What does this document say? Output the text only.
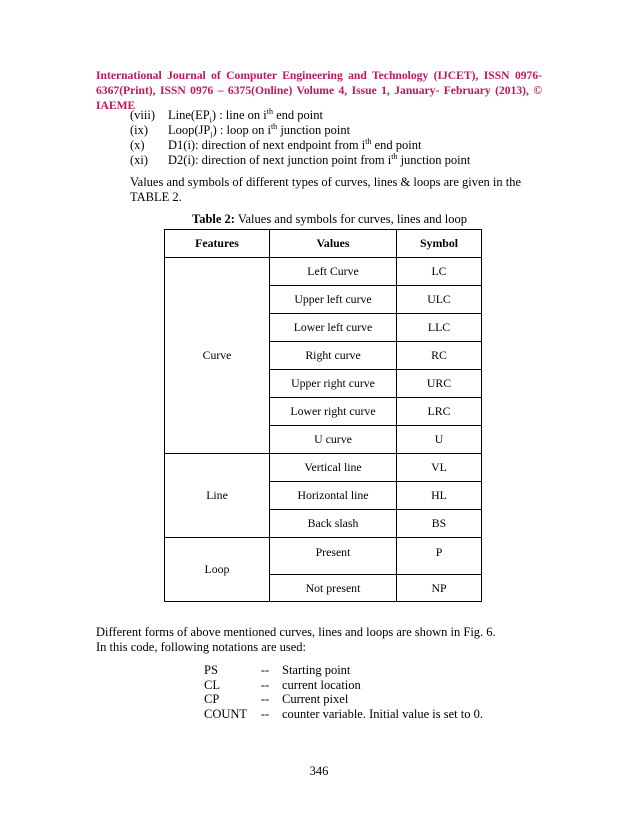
International Journal of Computer Engineering and Technology (IJCET), ISSN 0976-6367(Print), ISSN 0976 – 6375(Online) Volume 4, Issue 1, January- February (2013), © IAEME
(viii)	$Line(EP_i)$ : line on $i^{th}$ end point
(ix)	$Loop(JP_i)$ : loop on $i^{th}$ junction point
(x)	D1(i): direction of next endpoint from $i^{th}$ end point
(xi)	D2(i): direction of next junction point from $i^{th}$ junction point
Values and symbols of different types of curves, lines & loops are given in the TABLE 2.
Table 2: Values and symbols for curves, lines and loop
Features	Values	Symbol
Curve	Left Curve	LC
	Upper left curve	ULC
	Lower left curve	LLC
	Right curve	RC
	Upper right curve	URC
	Lower right curve	LRC
	U curve	U
Line	Vertical line	VL
	Horizontal line	HL
	Back slash	BS
Loop	Present	P
	Not present	NP
Different forms of above mentioned curves, lines and loops are shown in Fig. 6.
In this code, following notations are used:
PS	--	Starting point
CL	--	current location
CP	--	Current pixel
COUNT	--	counter variable. Initial value is set to 0.
346
